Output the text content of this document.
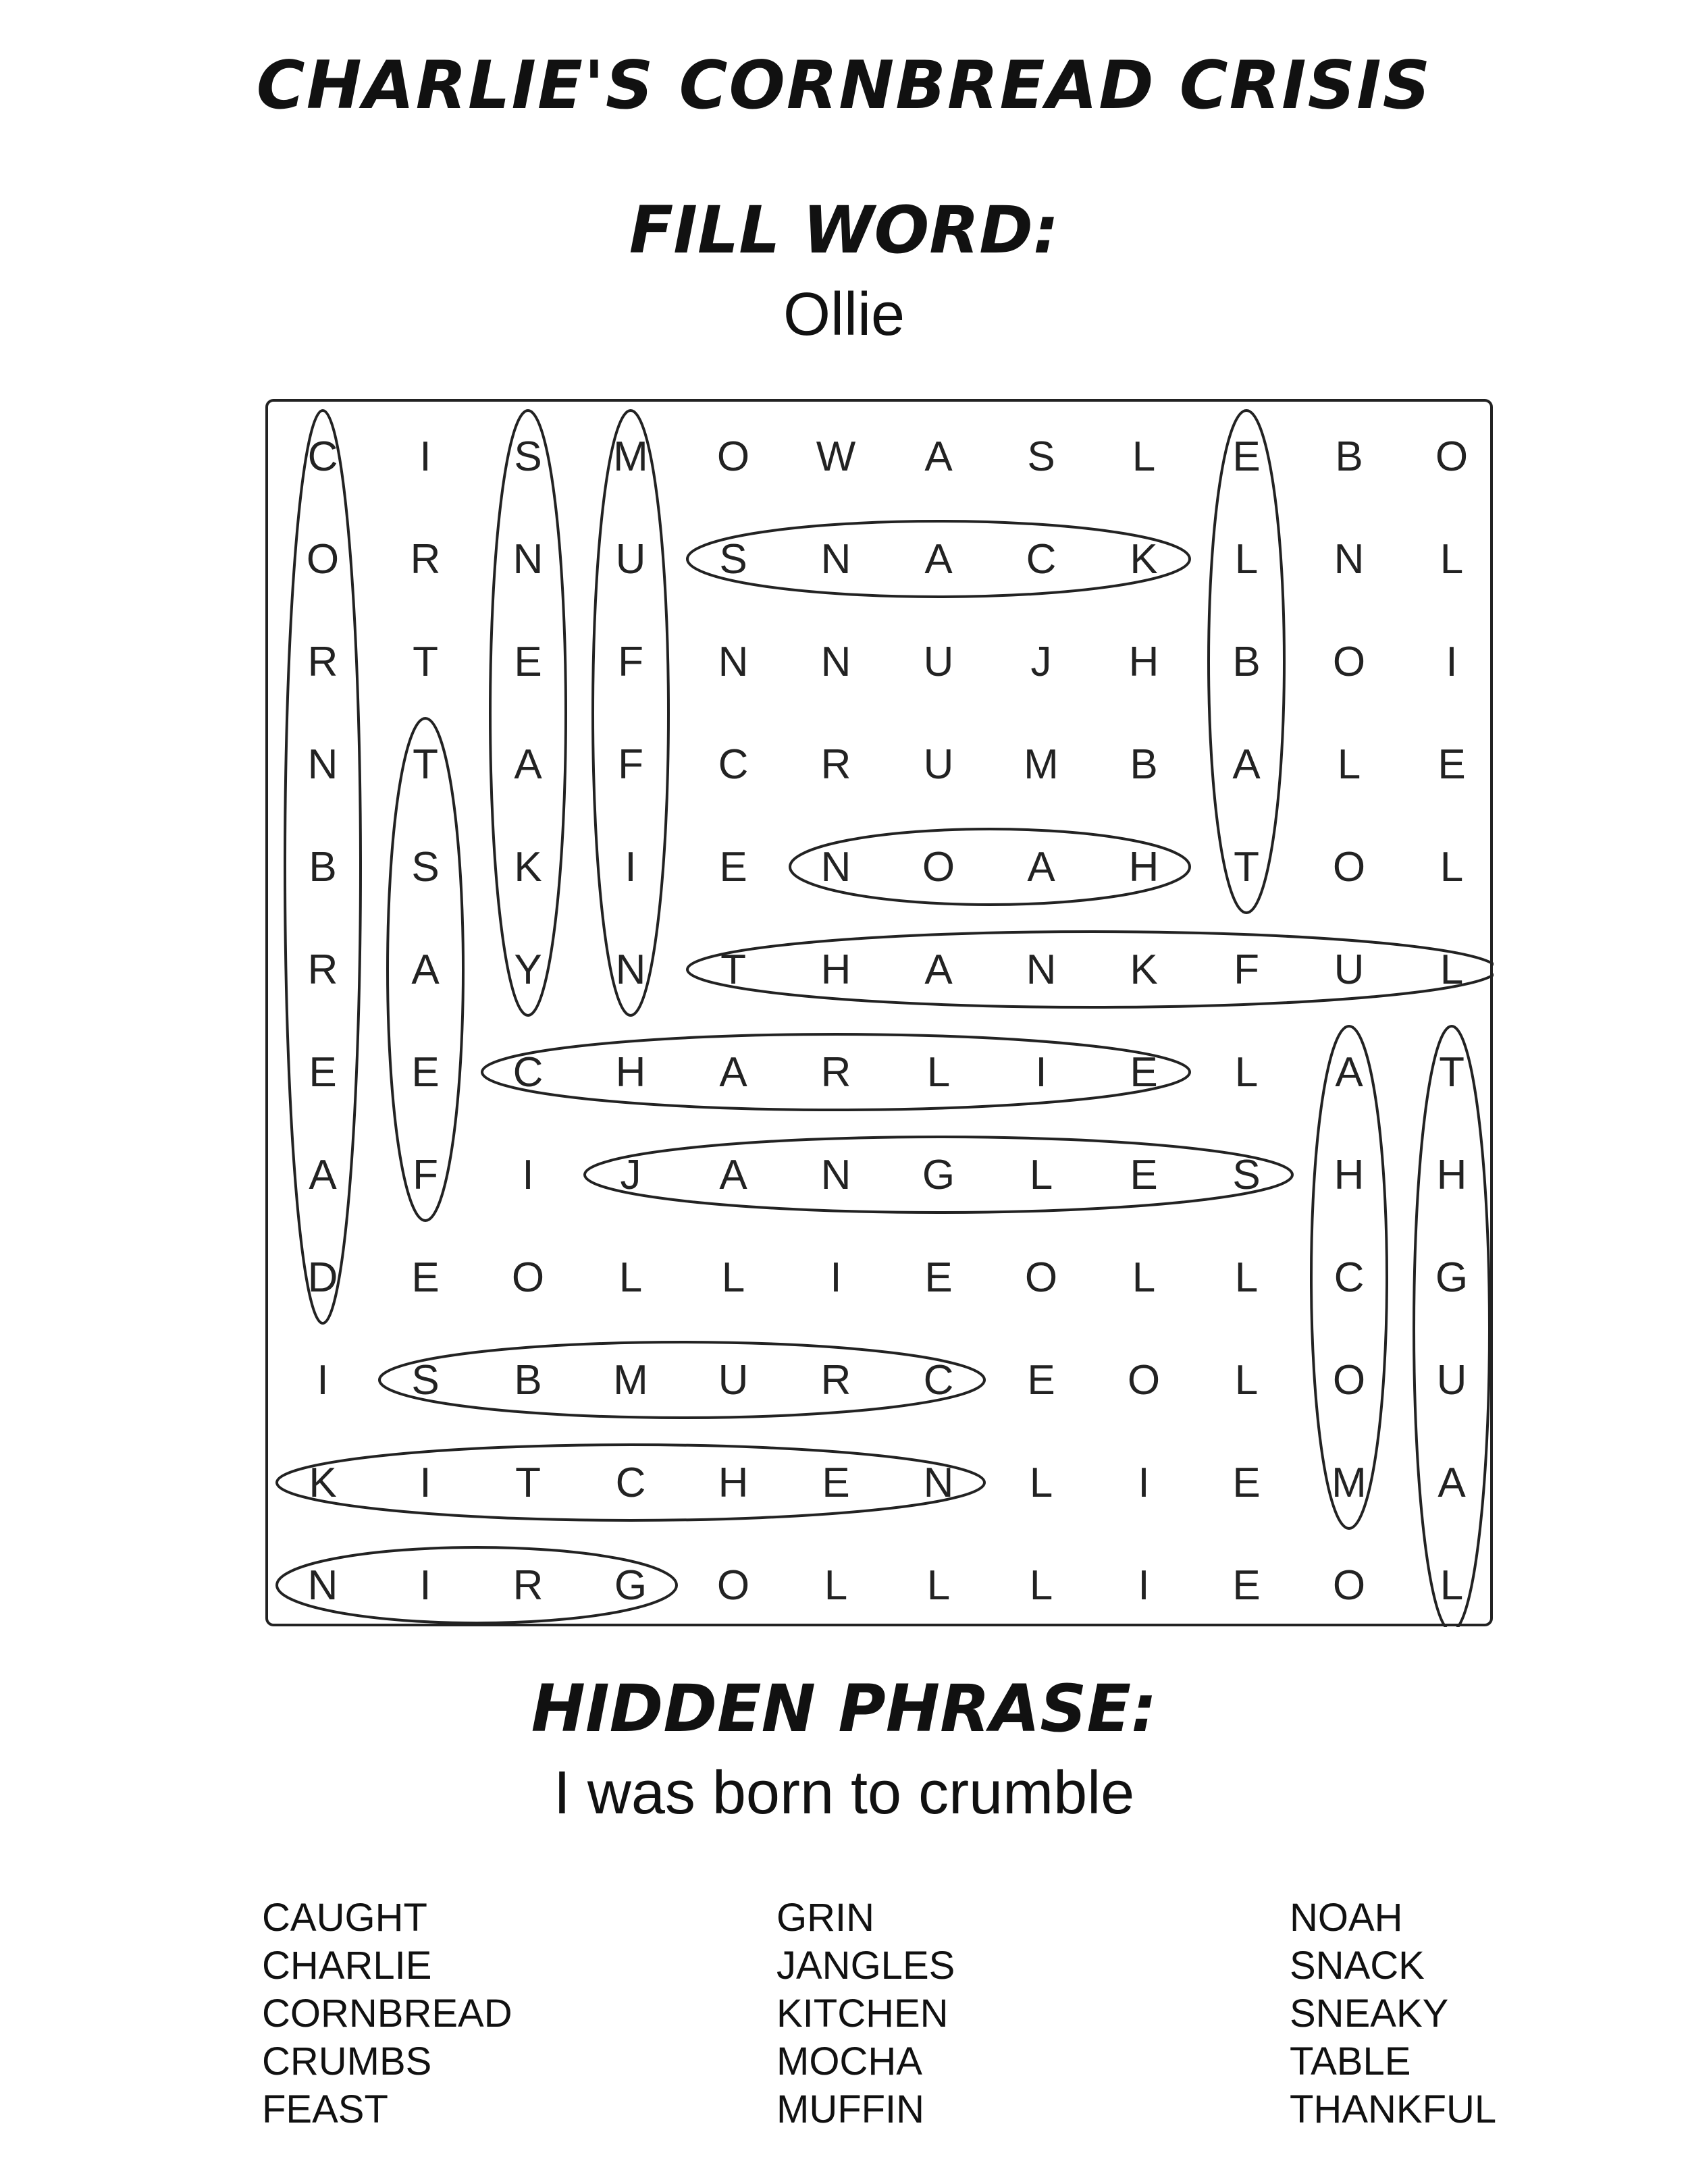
CHARLIE'S CORNBREAD CRISIS
FILL WORD:
Ollie
C	I	S	M	O	W	A	S	L	E	B	O
O	R	N	U	S	N	A	C	K	L	N	L
R	T	E	F	N	N	U	J	H	B	O	I
N	T	A	F	C	R	U	M	B	A	L	E
B	S	K	I	E	N	O	A	H	T	O	L
R	A	Y	N	T	H	A	N	K	F	U	L
E	E	C	H	A	R	L	I	E	L	A	T
A	F	I	J	A	N	G	L	E	S	H	H
D	E	O	L	L	I	E	O	L	L	C	G
I	S	B	M	U	R	C	E	O	L	O	U
K	I	T	C	H	E	N	L	I	E	M	A
N	I	R	G	O	L	L	L	I	E	O	L
HIDDEN PHRASE:
I was born to crumble
CAUGHT
CHARLIE
CORNBREAD
CRUMBS
FEAST
GRIN
JANGLES
KITCHEN
MOCHA
MUFFIN
NOAH
SNACK
SNEAKY
TABLE
THANKFUL
